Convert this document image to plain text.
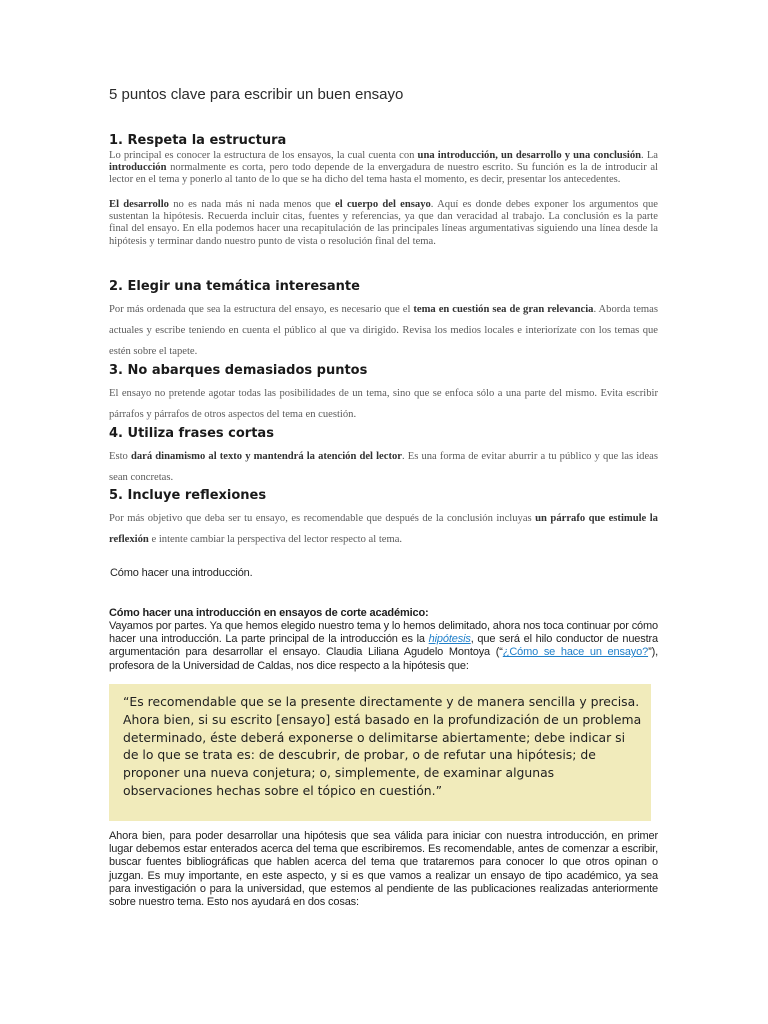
5 puntos clave para escribir un buen ensayo
1. Respeta la estructura
Lo principal es conocer la estructura de los ensayos, la cual cuenta con una introducción, un desarrollo y una conclusión. La introducción normalmente es corta, pero todo depende de la envergadura de nuestro escrito. Su función es la de introducir al lector en el tema y ponerlo al tanto de lo que se ha dicho del tema hasta el momento, es decir, presentar los antecedentes.
El desarrollo no es nada más ni nada menos que el cuerpo del ensayo. Aquí es donde debes exponer los argumentos que sustentan la hipótesis. Recuerda incluir citas, fuentes y referencias, ya que dan veracidad al trabajo. La conclusión es la parte final del ensayo. En ella podemos hacer una recapitulación de las principales líneas argumentativas siguiendo una línea desde la hipótesis y terminar dando nuestro punto de vista o resolución final del tema.
2. Elegir una temática interesante
Por más ordenada que sea la estructura del ensayo, es necesario que el tema en cuestión sea de gran relevancia. Aborda temas actuales y escribe teniendo en cuenta el público al que va dirigido. Revisa los medios locales e interiorízate con los temas que estén sobre el tapete.
3. No abarques demasiados puntos
El ensayo no pretende agotar todas las posibilidades de un tema, sino que se enfoca sólo a una parte del mismo. Evita escribir párrafos y párrafos de otros aspectos del tema en cuestión.
4. Utiliza frases cortas
Esto dará dinamismo al texto y mantendrá la atención del lector. Es una forma de evitar aburrir a tu público y que las ideas sean concretas.
5. Incluye reflexiones
Por más objetivo que deba ser tu ensayo, es recomendable que después de la conclusión incluyas un párrafo que estimule la reflexión e intente cambiar la perspectiva del lector respecto al tema.
Cómo hacer una introducción.
Cómo hacer una introducción en ensayos de corte académico:
Vayamos por partes. Ya que hemos elegido nuestro tema y lo hemos delimitado, ahora nos toca continuar por cómo hacer una introducción. La parte principal de la introducción es la hipótesis, que será el hilo conductor de nuestra argumentación para desarrollar el ensayo. Claudia Liliana Agudelo Montoya (“¿Cómo se hace un ensayo?”), profesora de la Universidad de Caldas, nos dice respecto a la hipótesis que:

“Es recomendable que se la presente directamente y de manera sencilla y precisa. Ahora bien, si su escrito [ensayo] está basado en la profundización de un problema determinado, éste deberá exponerse o delimitarse abiertamente; debe indicar si de lo que se trata es: de descubrir, de probar, o de refutar una hipótesis; de proponer una nueva conjetura; o, simplemente, de examinar algunas observaciones hechas sobre el tópico en cuestión.”

Ahora bien, para poder desarrollar una hipótesis que sea válida para iniciar con nuestra introducción, en primer lugar debemos estar enterados acerca del tema que escribiremos. Es recomendable, antes de comenzar a escribir, buscar fuentes bibliográficas que hablen acerca del tema que trataremos para conocer lo que otros opinan o juzgan. Es muy importante, en este aspecto, y si es que vamos a realizar un ensayo de tipo académico, ya sea para investigación o para la universidad, que estemos al pendiente de las publicaciones realizadas anteriormente sobre nuestro tema. Esto nos ayudará en dos cosas:
